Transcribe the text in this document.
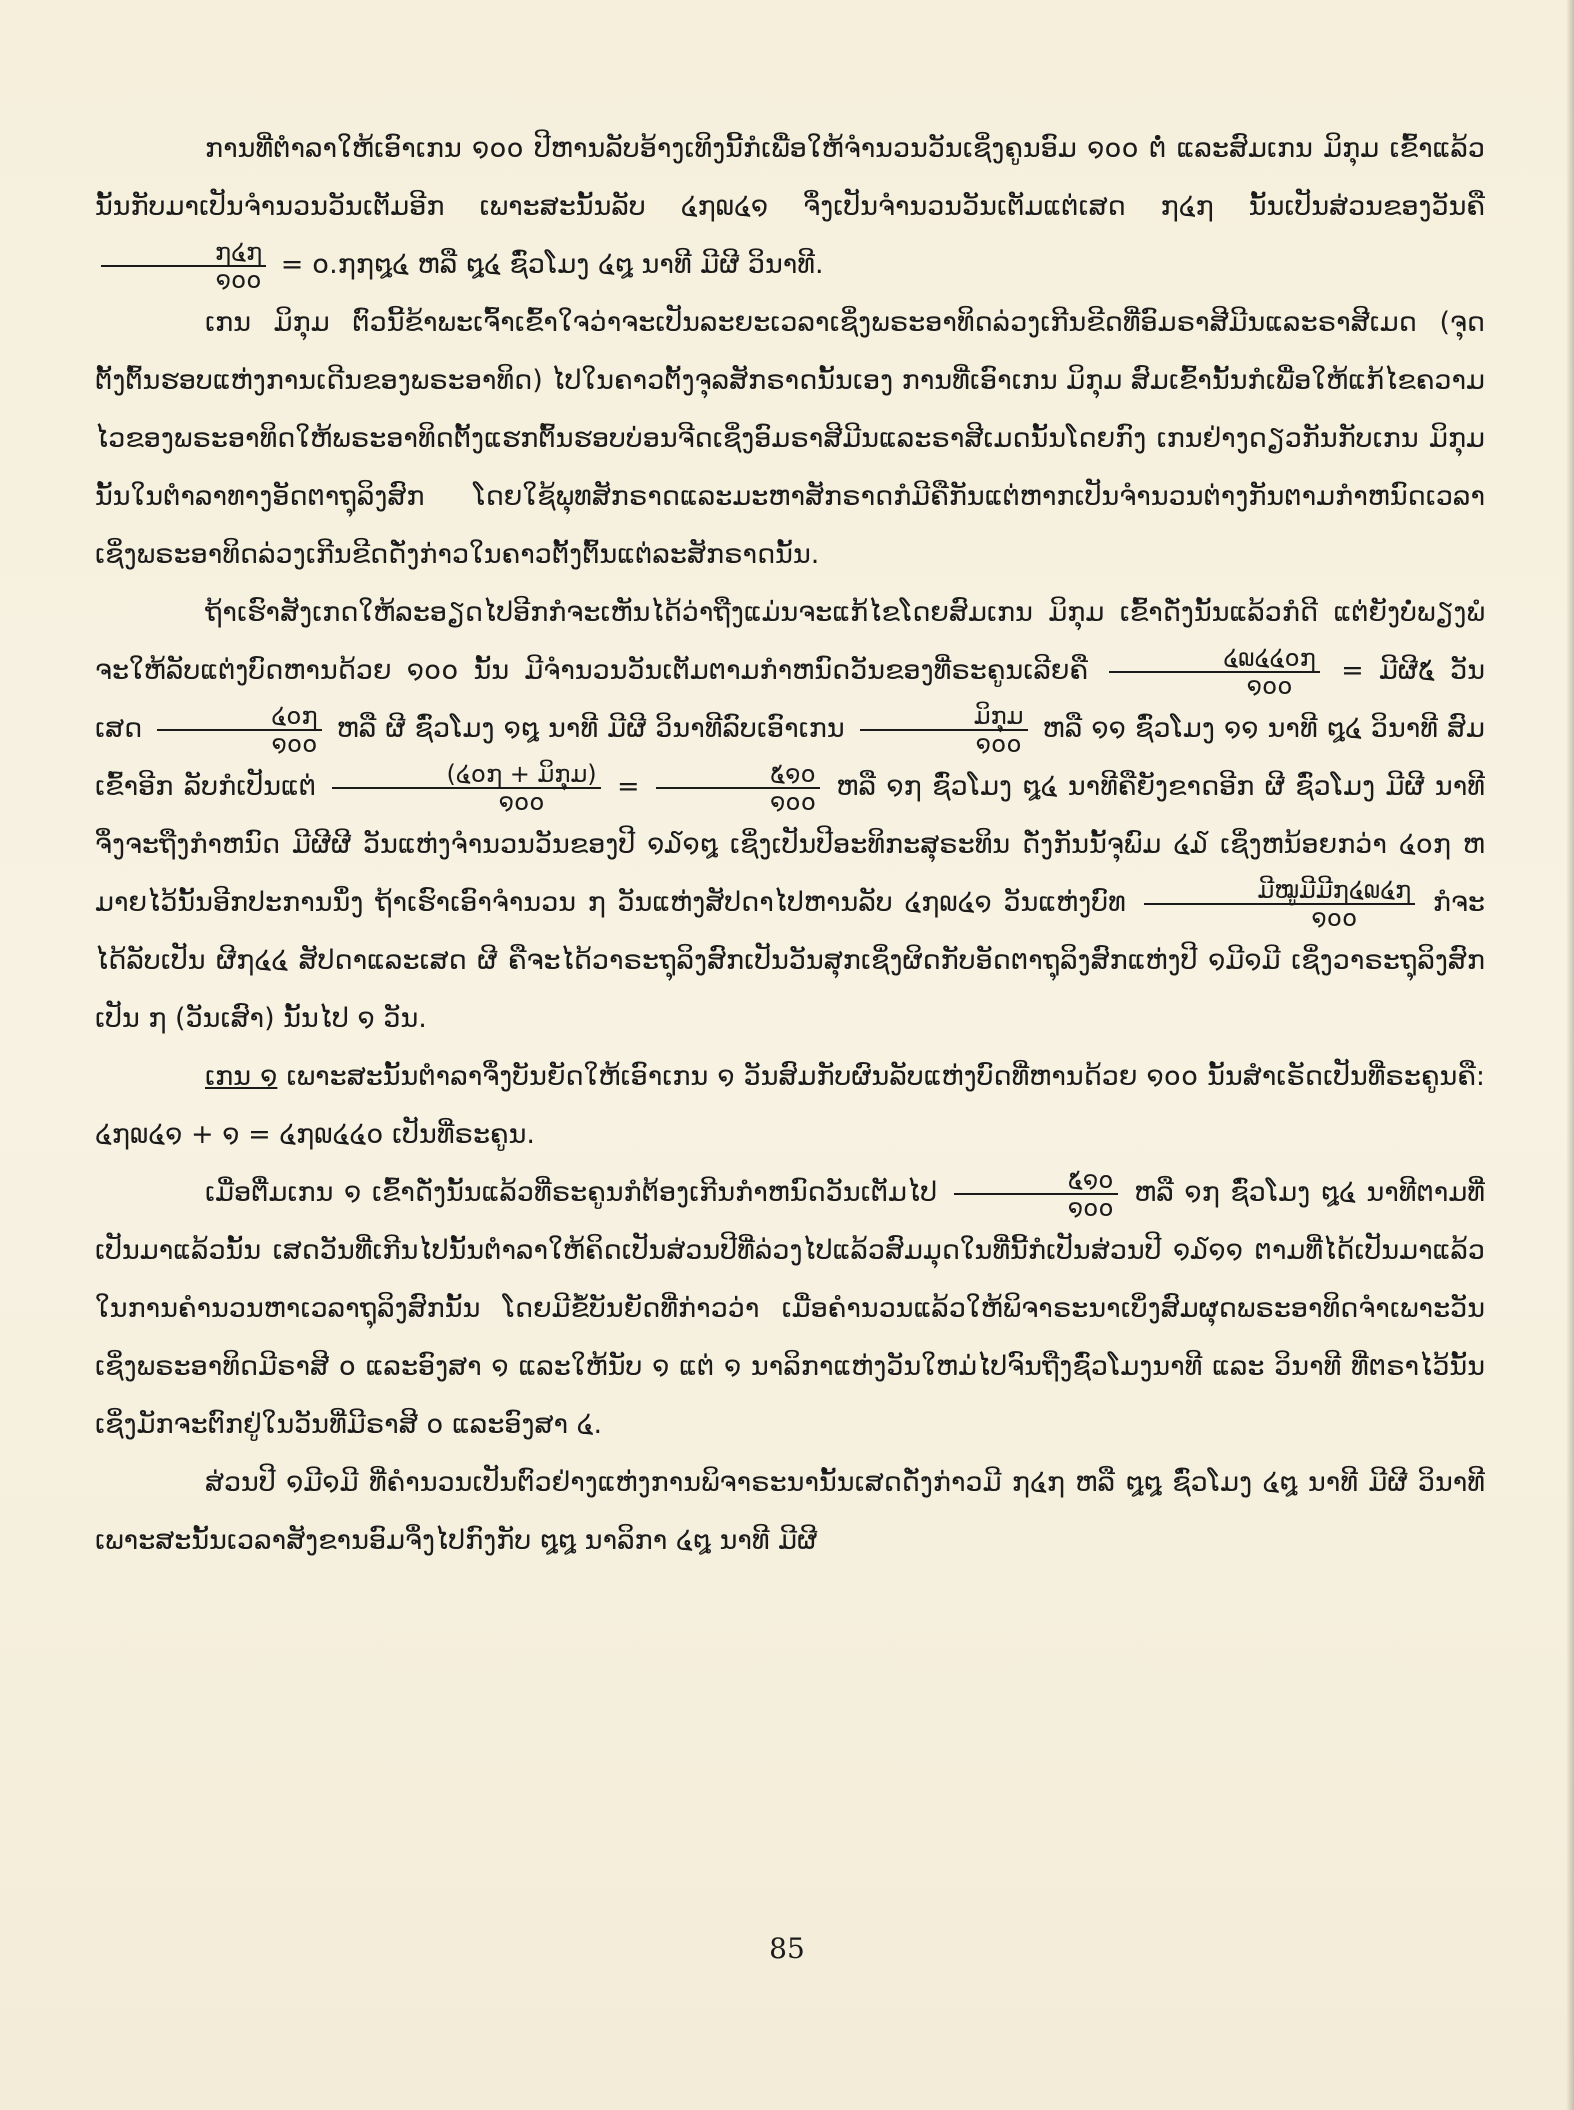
ການທີ່ຕໍາລາໃຫ້ເອົາເກນ ໑໐໐ ປີຫານລັບອ້າງເທິງນີ້ກໍເພື່ອໃຫ້ຈໍານວນວັນເຊິ່ງຄູນອົມ ໑໐໐ ຕໍ່ ແລະສົມເກນ ມິກຸມ ເຂົ້າແລ້ວນັ້ນກັບມາເປັນຈໍານວນວັນເຕັມອີກ ເພາະສະນັ້ນລັບ ໔໗໙໔໑ ຈຶ່ງເປັນຈໍານວນວັນເຕັມແຕ່ເສດ ໗໔໗ ນັ້ນເປັນສ່ວນຂອງວັນຄື
$\frac{໗໔໗}{໑໐໐}$ = ໐.໗໗໘໔ ຫລື ໘໔ ຊົ່ວໂມງ ໔໘ ນາທີ ມີຜີ ວິນາທີ.

ເກນ ມິກຸມ ຕົວນີ້ຂ້າພະເຈົ້າເຂົ້າໃຈວ່າຈະເປັນລະຍະເວລາເຊິ່ງພຣະອາທິດລ່ວງເກີນຂີດທີ່ອົມຣາສີມີນແລະຣາສີເມດ (ຈຸດຕັ້ງຕົ້ນຮອບແຫ່ງການເດີນຂອງພຣະອາທິດ) ໄປໃນຄາວຕັ້ງຈຸລສັກຣາດນັ້ນເອງ ການທີ່ເອົາເກນ ມິກຸມ ສົມເຂົ້ານັ້ນກໍເພື່ອໃຫ້ແກ້ໄຂຄວາມໄວຂອງພຣະອາທິດໃຫ້ພຣະອາທິດຕັ້ງແຮກຕົ້ນຮອບບ່ອນຈີດເຊິ່ງອົມຣາສີມີນແລະຣາສີເມດນັ້ນໂດຍກົງ ເກນຢ່າງດຽວກັນກັບເກນ ມິກຸມ ນັ້ນໃນຕໍາລາທາງອັດຕາຖຸລິງສົກ ໂດຍໃຊ້ພຸທສັກຣາດແລະມະຫາສັກຣາດກໍມີຄືກັນແຕ່ຫາກເປັນຈໍານວນຕ່າງກັນຕາມກໍາຫນົດເວລາເຊິ່ງພຣະອາທິດລ່ວງເກີນຂີດດັ່ງກ່າວໃນຄາວຕັ້ງຕົ້ນແຕ່ລະສັກຣາດນັ້ນ.

ຖ້າເຮົາສັງເກດໃຫ້ລະອຽດໄປອີກກໍຈະເຫັນໄດ້ວ່າຖືງແມ່ນຈະແກ້ໄຂໂດຍສົມເກນ ມິກຸມ ເຂົ້າດັ່ງນັ້ນແລ້ວກໍດີ ແຕ່ຍັງບໍ່ພຽງພໍຈະໃຫ້ລັບແຕ່ງບົດຫານດ້ວຍ ໑໐໐ ນັ້ນ ມີຈໍານວນວັນເຕັມຕາມກໍາຫນົດວັນຂອງທີ່ຣະຄູນເລີຍຄື $\frac{໔໙໔໔໐໗}{໑໐໐}$ = ມີຜີ໕ ວັນ ເສດ $\frac{໔໐໗}{໑໐໐}$ ຫລື ຜີ ຊົ່ວໂມງ ໑໘ ນາທີ ມີຜີ ວິນາທີລົບເອົາເກນ $\frac{\text{ມິກຸມ}}{໑໐໐}$ ຫລື ໑໑ ຊົ່ວໂມງ ໑໑ ນາທີ ໘໔ ວິນາທີ ສົມເຂົ້າອີກ ລັບກໍເປັນແຕ່ $\frac{\text{(໔໐໗ + ມິກຸມ)}}{໑໐໐} = \frac{໕໑໐}{໑໐໐}$ ຫລື ໑໗ ຊົ່ວໂມງ ໘໔ ນາທີຄືຍັງຂາດອີກ ຜີ ຊົ່ວໂມງ ມີຜີ ນາທີຈຶ່ງຈະຖືງກໍາຫນົດ ມີຜີຜີ ວັນແຫ່ງຈໍານວນວັນຂອງປີ ໑໓໑໘ ເຊິ່ງເປັນປີອະທິກະສຸຣະທິນ ດັ່ງກັນນັ້ຈຸພົມ ໔໓ ເຊິ່ງຫນ້ອຍກວ່າ ໔໐໗ ຫມາຍໄວ້ນັ້ນອີກປະການນຶ່ງ ຖ້າເຮົາເອົາຈໍານວນ ໗ ວັນແຫ່ງສັປດາໄປຫານລັບ ໔໗໙໔໑ ວັນແຫ່ງບົທ $\frac{\text{ມີໝູມີມີ໗໔໙໔໗}}{໑໐໐}$ ກໍຈະໄດ້ລັບເປັນ ຜີ໗໔໔ ສັປດາແລະເສດ ຜີ ຄືຈະໄດ້ວາຣະຖຸລິງສົກເປັນວັນສຸກເຊິ່ງຜິດກັບອັດຕາຖຸລິງສົກແຫ່ງປີ ໑ມີ໑ມີ ເຊິ່ງວາຣະຖຸລິງສົກເປັນ ໗ (ວັນເສົາ) ນັ້ນໄປ ໑ ວັນ.

ເກນ ໑ ເພາະສະນັ້ນຕໍາລາຈຶ່ງບັນຍັດໃຫ້ເອົາເກນ ໑ ວັນສົມກັບຜົນລັບແຫ່ງບົດທີ່ຫານດ້ວຍ ໑໐໐ ນັ້ນສໍາເຣັດເປັນທີ່ຣະຄູນຄື: ໔໗໙໔໑ + ໑ = ໔໗໙໔໔໐ ເປັນທີ່ຣະຄູນ.

ເມື່ອຕື່ມເກນ ໑ ເຂົ້າດັ່ງນັ້ນແລ້ວທີ່ຣະຄູນກໍຕ້ອງເກີນກໍາຫນົດວັນເຕັມໄປ $\frac{໕໑໐}{໑໐໐}$ ຫລື ໑໗ ຊົ່ວໂມງ ໘໔ ນາທີຕາມທີ່ເປັນມາແລ້ວນັ້ນ ເສດວັນທີ່ເກີນໄປນັ້ນຕໍາລາໃຫ້ຄິດເປັນສ່ວນປີທີ່ລ່ວງໄປແລ້ວສົມມຸດໃນທີ່ນີ້ກໍເປັນສ່ວນປີ ໑໓໑໑ ຕາມທີ່ໄດ້ເປັນມາແລ້ວໃນການຄໍານວນຫາເວລາຖຸລິງສົກນັ້ນ ໂດຍມີຂໍ້ບັນຍັດທີ່ກ່າວວ່າ ເມື່ອຄໍານວນແລ້ວໃຫ້ພິຈາຣະນາເບິ່ງສົມຜຸດພຣະອາທິດຈໍາເພາະວັນເຊິ່ງພຣະອາທິດມີຣາສີ ໐ ແລະອົງສາ ໑ ແລະໃຫ້ນັບ ໑ ແຕ່ ໑ ນາລິກາແຫ່ງວັນໃຫມ່ໄປຈົນຖືງຊົ່ວໂມງນາທີ ແລະ ວິນາທີ ທີ່ຕຣາໄວ້ນັ້ນເຊິ່ງມັກຈະຕົກຢູ່ໃນວັນທີ່ມີຣາສີ ໐ ແລະອົງສາ ໔.

ສ່ວນປີ ໑ມີ໑ມີ ທີ່ຄໍານວນເປັນຕົວຢ່າງແຫ່ງການພິຈາຣະນານັ້ນເສດດັ່ງກ່າວມີ ໗໔໗ ຫລື ໘໘ ຊົ່ວໂມງ ໔໘ ນາທີ ມີຜີ ວິນາທີ ເພາະສະນັ້ນເວລາສັງຂານອົມຈຶ່ງໄປກົງກັບ ໘໘ ນາລິກາ ໔໘ ນາທີ ມີຜີ

85
